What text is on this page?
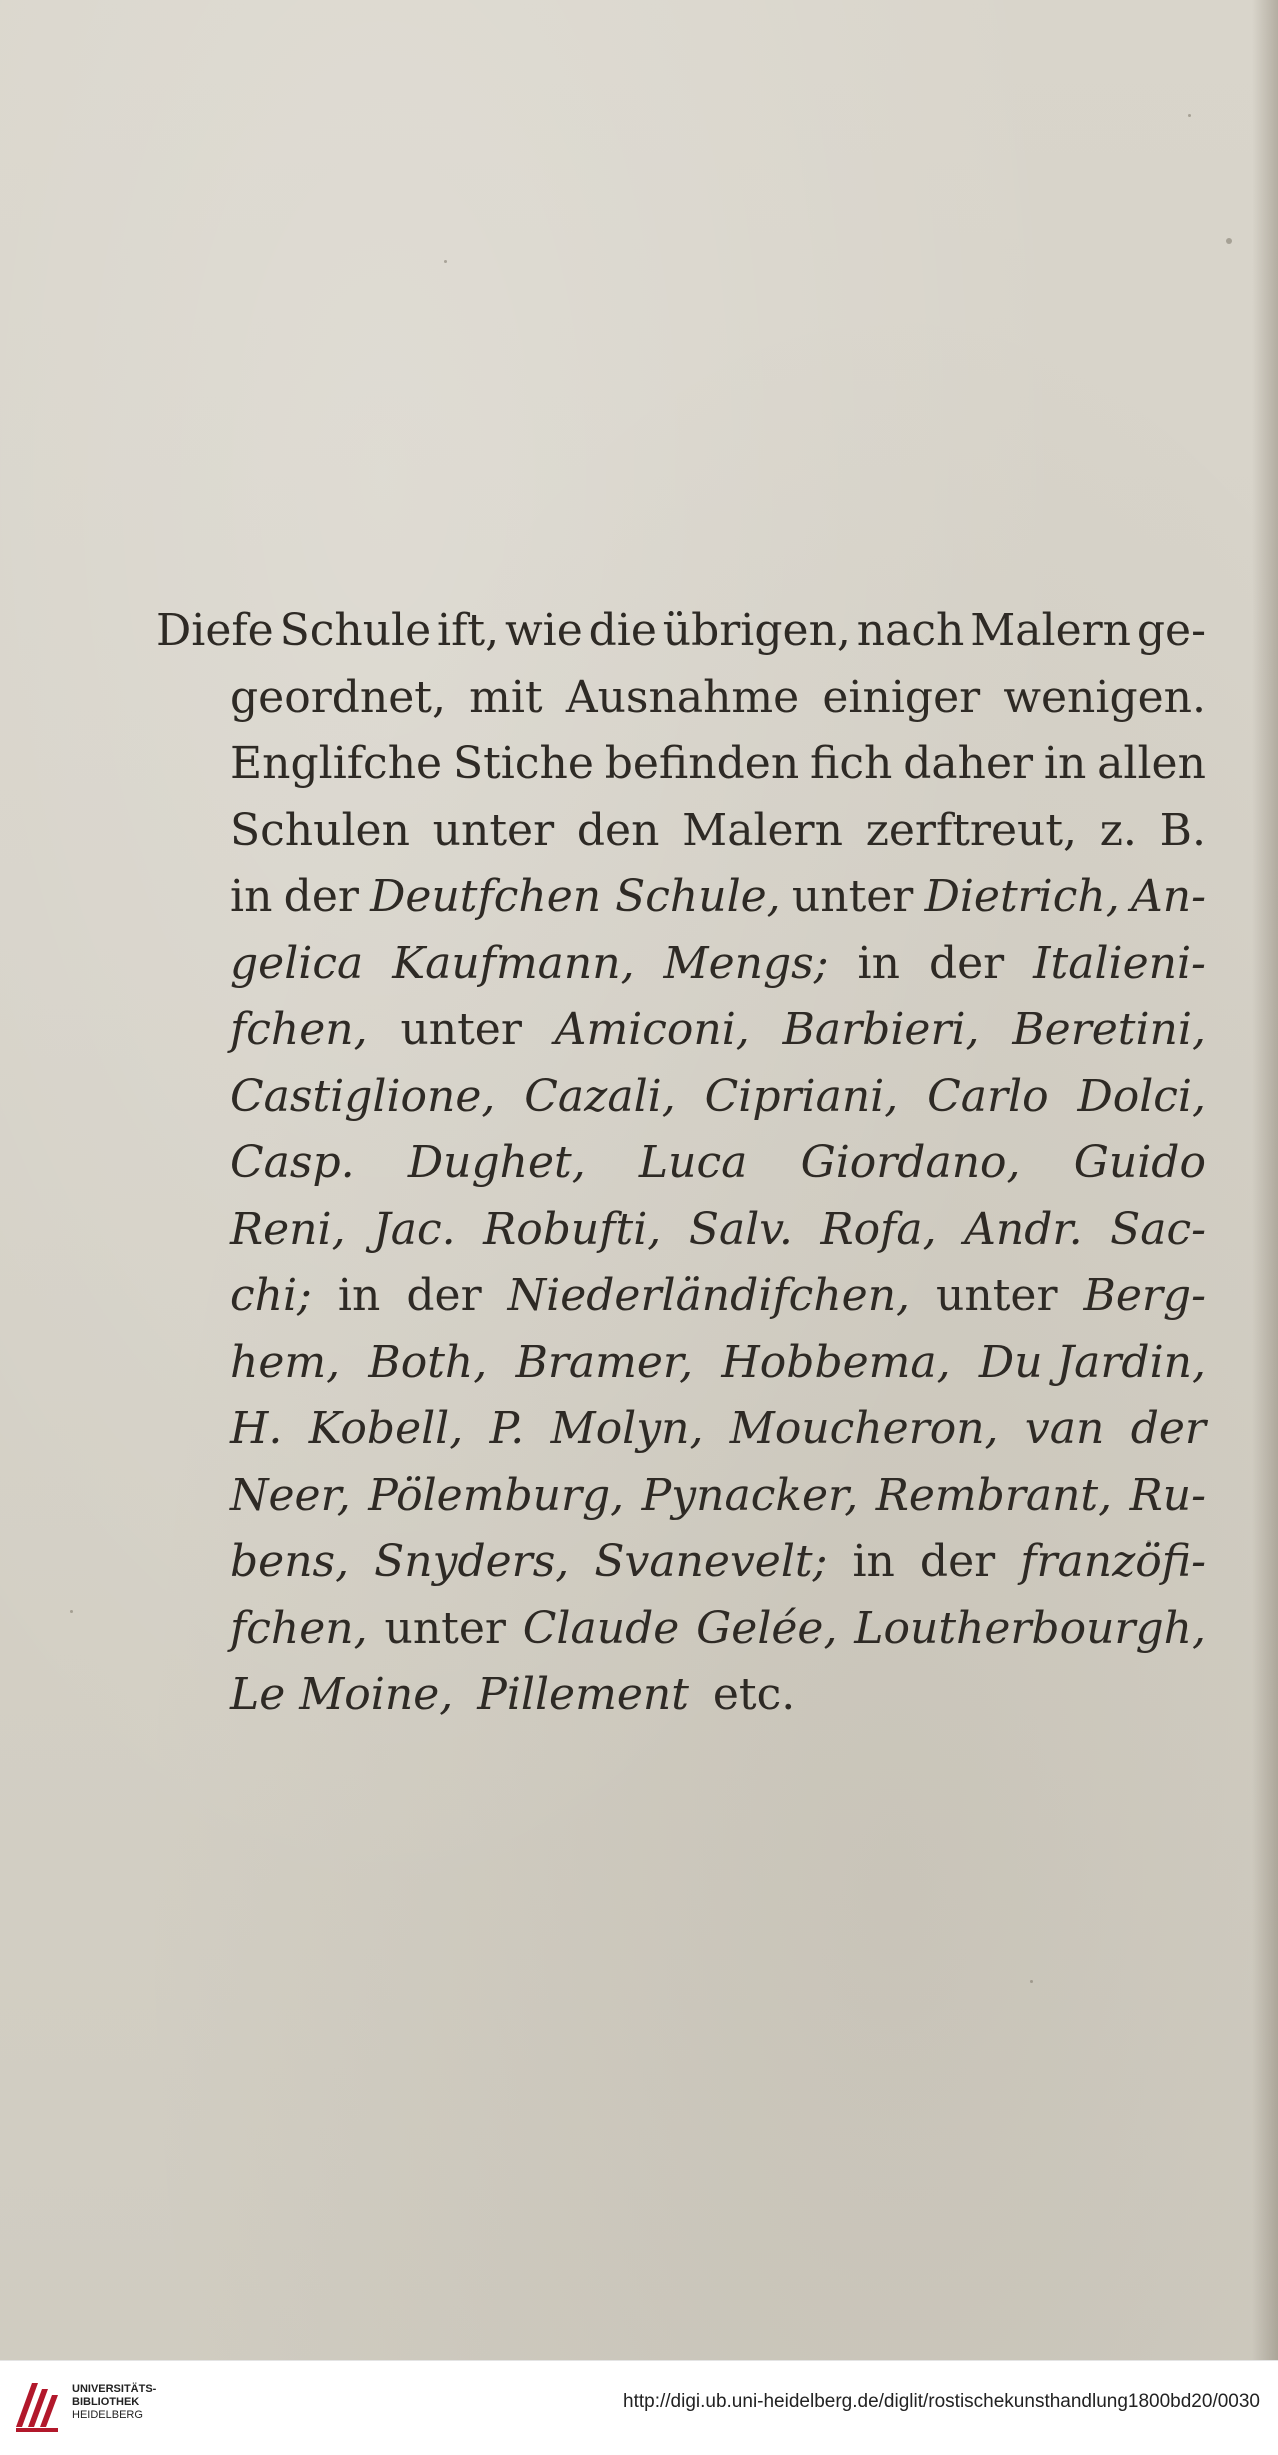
Diefe Schule ift, wie die übrigen, nach Malern ge-
geordnet, mit Ausnahme einiger wenigen.
Englifche Stiche befinden fich daher in allen
Schulen unter den Malern zerftreut, z. B.
in der Deutfchen Schule, unter Dietrich, An-
gelica Kaufmann, Mengs; in der Italieni-
fchen, unter Amiconi, Barbieri, Beretini,
Castiglione, Cazali, Cipriani, Carlo Dolci,
Casp. Dughet, Luca Giordano, Guido
Reni, Jac. Robufti, Salv. Rofa, Andr. Sac-
chi; in der Niederländifchen, unter Berg-
hem, Both, Bramer, Hobbema, Du Jardin,
H. Kobell, P. Molyn, Moucheron, van der
Neer, Pölemburg, Pynacker, Rembrant, Ru-
bens, Snyders, Svanevelt; in der franzöfi-
fchen, unter Claude Gelée, Loutherbourgh,
Le Moine, Pillement etc.
UNIVERSITÄTS-
BIBLIOTHEK
HEIDELBERG
http://digi.ub.uni-heidelberg.de/diglit/rostischekunsthandlung1800bd20/0030
